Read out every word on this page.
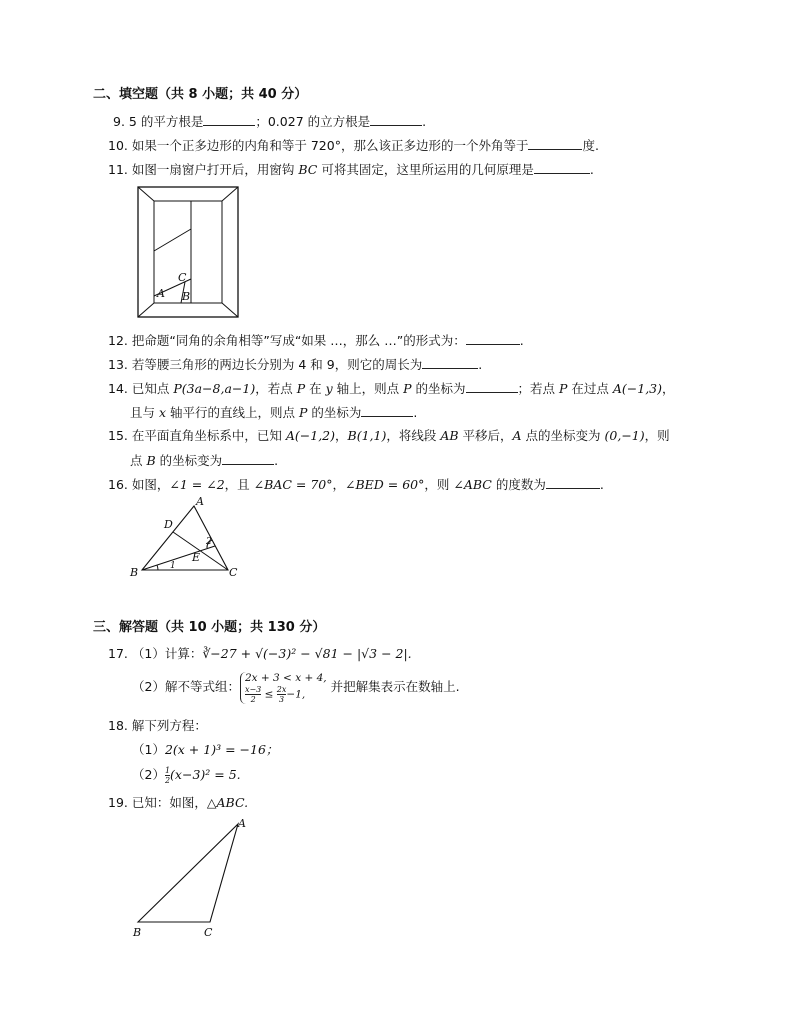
二、填空题（共 8 小题；共 40 分）
9. 5 的平方根是	；0.027 的立方根是	.
10. 如果一个正多边形的内角和等于 720°，那么该正多边形的一个外角等于	度.
11. 如图一扇窗户打开后，用窗钩 BC 可将其固定，这里所运用的几何原理是	.
C
A B
12. 把命题“同角的余角相等”写成“如果 …，那么 …”的形式为：	.
13. 若等腰三角形的两边长分别为 4 和 9，则它的周长为	.
14. 已知点 P(3a−8,a−1)，若点 P 在 y 轴上，则点 P 的坐标为	；若点 P 在过点 A(−1,3)，
且与 x 轴平行的直线上，则点 P 的坐标为	.
15. 在平面直角坐标系中，已知 A(−1,2)，B(1,1)，将线段 AB 平移后，A 点的坐标变为 (0,−1)，则
点 B 的坐标变为	.
16. 如图，∠1 = ∠2，且 ∠BAC = 70°，∠BED = 60°，则 ∠ABC 的度数为	.
A
B	C
D
E
1
2
三、解答题（共 10 小题；共 130 分）
17. （1）计算：∛−27 + √(−3)² − √81 − |√3 − 2|.
（2）解不等式组：2x + 3 < x + 4,

$\frac{x-3}{2} \le \frac{2x}{3} -1$, 并把解集表示在数轴上.
18. 解下列方程：
（1）2(x + 1)³ = −16；
$(2) \frac{1}{2} (x-3)^2 = 5$.
19. 已知：如图，△ABC.
A
B	C
